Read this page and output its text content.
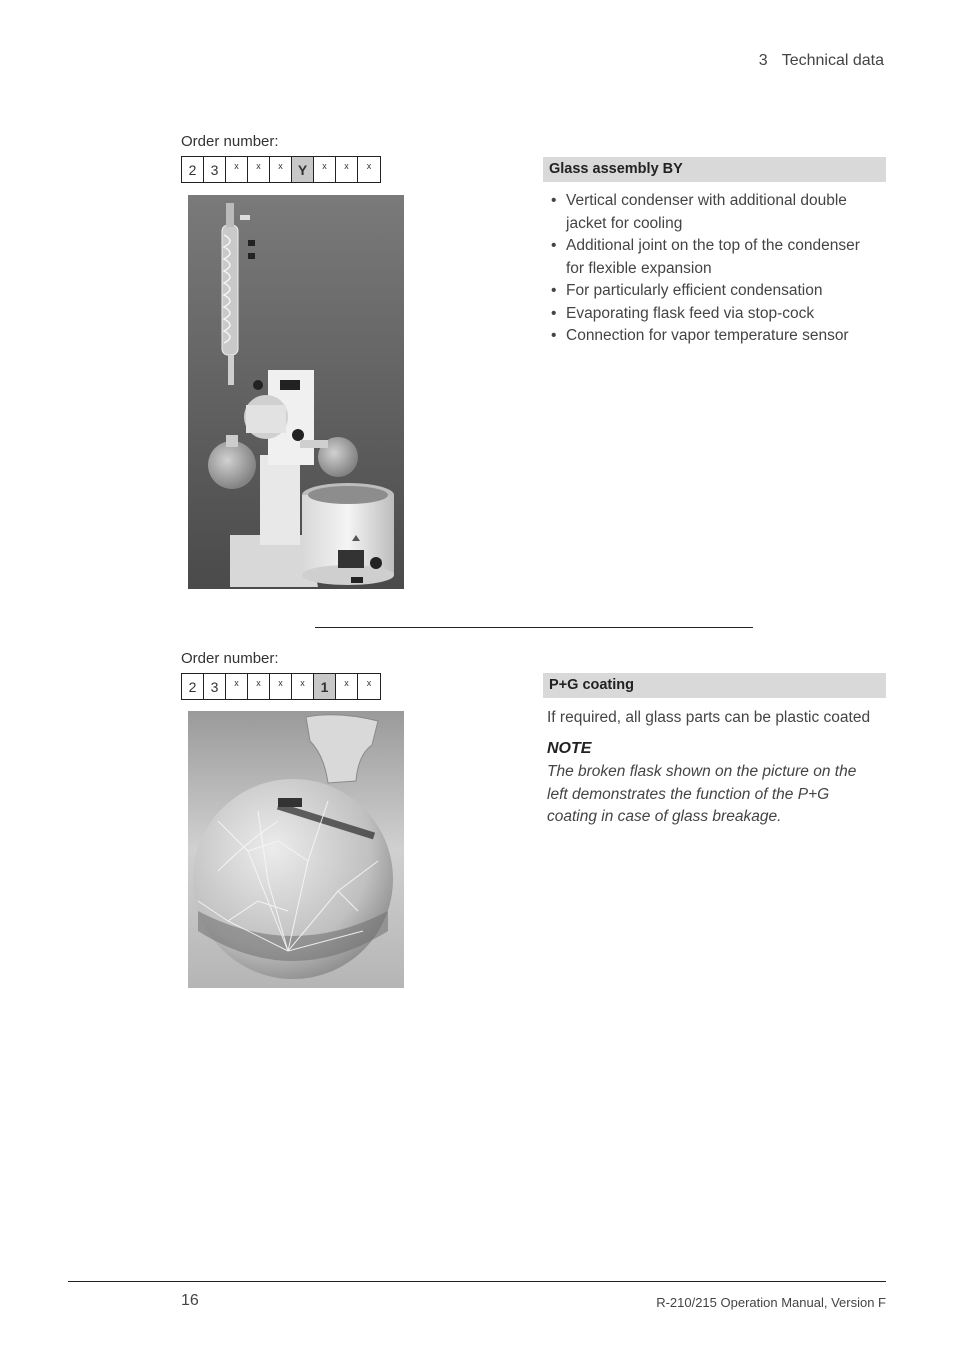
3 Technical data
Order number:
2	3	x	x	x	Y	x	x	x	Glass assembly BY
• Vertical condenser with additional double jacket for cooling
• Additional joint on the top of the condenser for flexible expansion
• For particularly efficient condensation
• Evaporating flask feed via stop-cock
• Connection for vapor temperature sensor
Order number:
2	3	x	x	x	x	1	x	x	P+G coating
If required, all glass parts can be plastic coated
NOTE
The broken flask shown on the picture on the left demonstrates the function of the P+G coating in case of glass breakage.
16	R-210/215 Operation Manual, Version F
